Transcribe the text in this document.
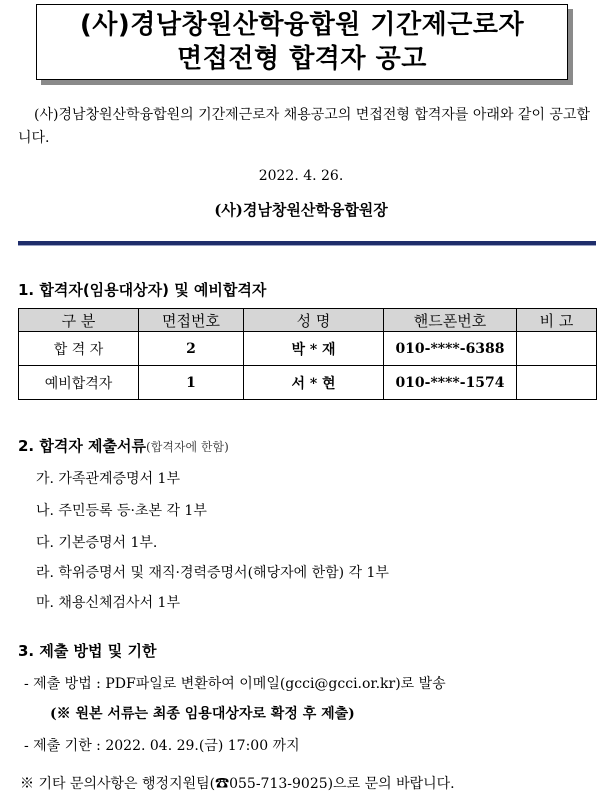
(사)경남창원산학융합원 기간제근로자
면접전형 합격자 공고
(사)경남창원산학융합원의 기간제근로자 채용공고의 면접전형 합격자를 아래와 같이 공고합니다.
2022. 4. 26.
(사)경남창원산학융합원장
1. 합격자(임용대상자) 및 예비합격자
구 분	면접번호	성 명	핸드폰번호	비 고
합 격 자	2	박 * 재	010-****-6388	
예비합격자	1	서 * 현	010-****-1574	
2. 합격자 제출서류(합격자에 한함)
가. 가족관계증명서 1부
나. 주민등록 등·초본 각 1부
다. 기본증명서 1부.
라. 학위증명서 및 재직·경력증명서(해당자에 한함) 각 1부
마. 채용신체검사서 1부
3. 제출 방법 및 기한
- 제출 방법 : PDF파일로 변환하여 이메일(gcci@gcci.or.kr)로 발송
(※ 원본 서류는 최종 임용대상자로 확정 후 제출)
- 제출 기한 : 2022. 04. 29.(금) 17:00 까지
※ 기타 문의사항은 행정지원팀(☎055-713-9025)으로 문의 바랍니다.
